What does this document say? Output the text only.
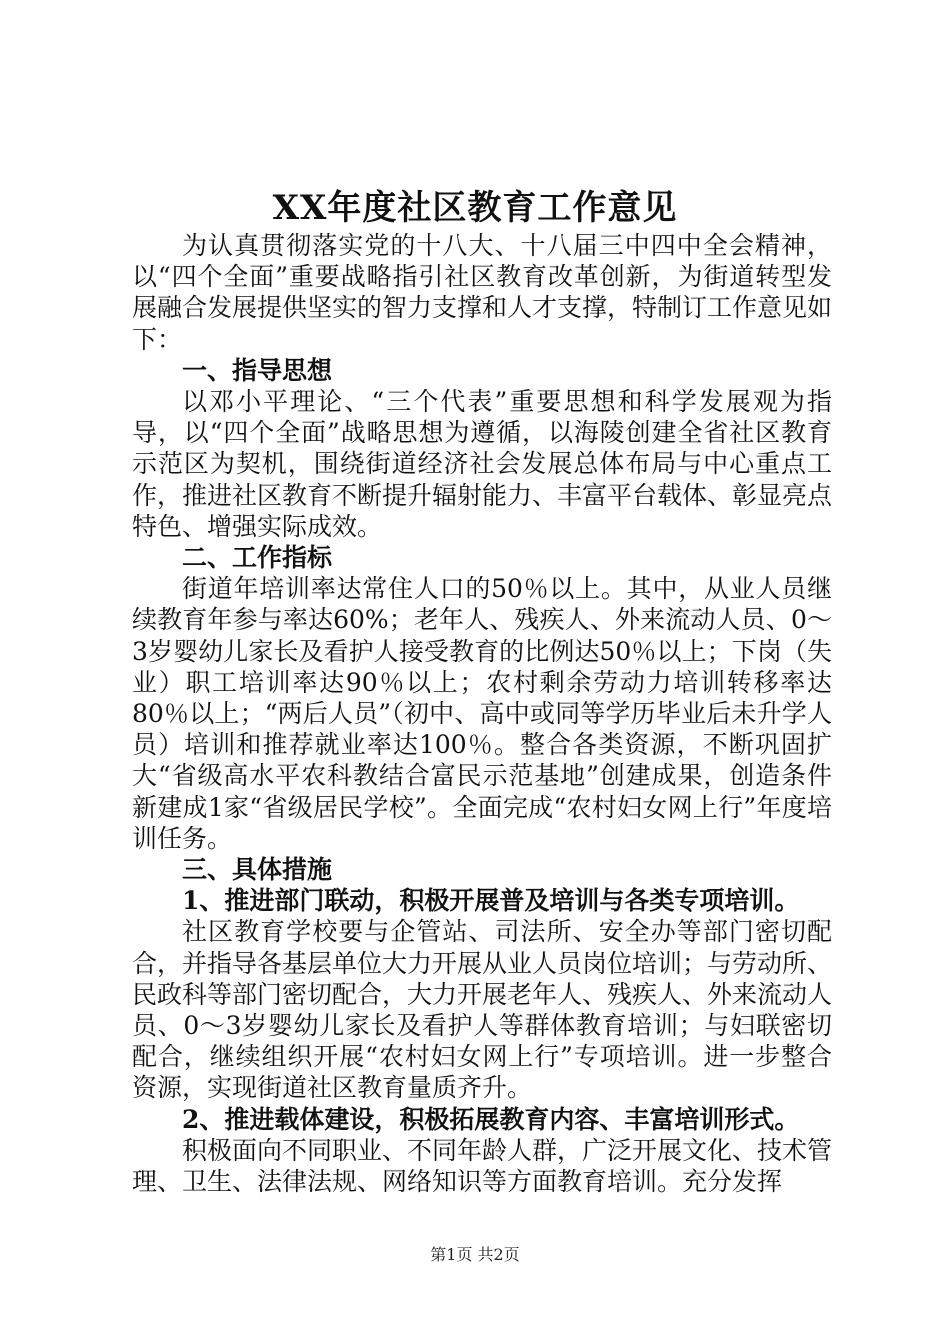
XX年度社区教育工作意见

为认真贯彻落实党的十八大、十八届三中四中全会精神，以“四个全面”重要战略指引社区教育改革创新，为街道转型发展融合发展提供坚实的智力支撑和人才支撑，特制订工作意见如下：

一、指导思想

以邓小平理论、“三个代表”重要思想和科学发展观为指导，以“四个全面”战略思想为遵循，以海陵创建全省社区教育示范区为契机，围绕街道经济社会发展总体布局与中心重点工作，推进社区教育不断提升辐射能力、丰富平台载体、彰显亮点特色、增强实际成效。

二、工作指标

街道年培训率达常住人口的50％以上。其中，从业人员继续教育年参与率达60%；老年人、残疾人、外来流动人员、0～3岁婴幼儿家长及看护人接受教育的比例达50％以上；下岗（失业）职工培训率达90％以上；农村剩余劳动力培训转移率达80％以上；“两后人员”（初中、高中或同等学历毕业后未升学人员）培训和推荐就业率达100％。整合各类资源，不断巩固扩大“省级高水平农科教结合富民示范基地”创建成果，创造条件新建成1家“省级居民学校”。全面完成“农村妇女网上行”年度培训任务。

三、具体措施

1、推进部门联动，积极开展普及培训与各类专项培训。

社区教育学校要与企管站、司法所、安全办等部门密切配合，并指导各基层单位大力开展从业人员岗位培训；与劳动所、民政科等部门密切配合，大力开展老年人、残疾人、外来流动人员、0～3岁婴幼儿家长及看护人等群体教育培训；与妇联密切配合，继续组织开展“农村妇女网上行”专项培训。进一步整合资源，实现街道社区教育量质齐升。

2、推进载体建设，积极拓展教育内容、丰富培训形式。

积极面向不同职业、不同年龄人群，广泛开展文化、技术管理、卫生、法律法规、网络知识等方面教育培训。充分发挥

第1页 共2页
